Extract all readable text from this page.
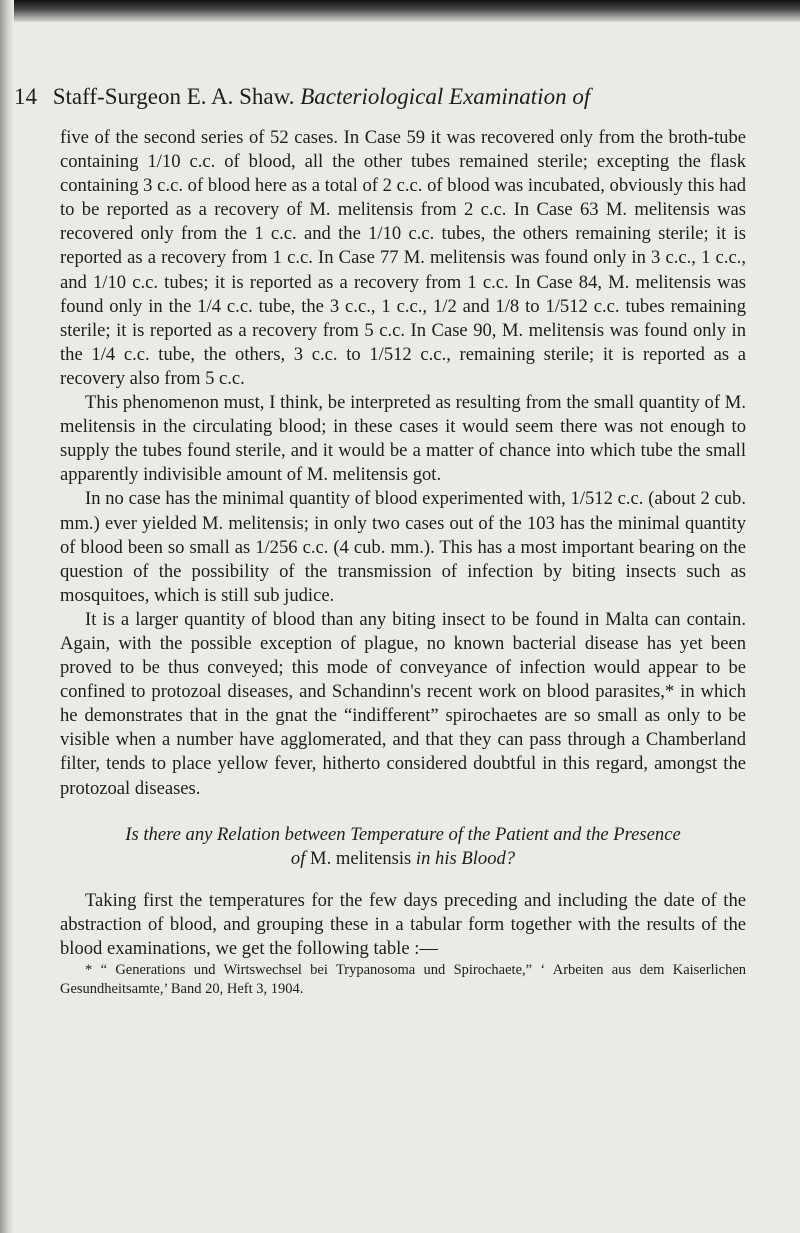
14 Staff-Surgeon E. A. Shaw. Bacteriological Examination of

five of the second series of 52 cases. In Case 59 it was recovered only from the broth-tube containing 1/10 c.c. of blood, all the other tubes remained sterile; excepting the flask containing 3 c.c. of blood here as a total of 2 c.c. of blood was incubated, obviously this had to be reported as a recovery of M. melitensis from 2 c.c. In Case 63 M. melitensis was recovered only from the 1 c.c. and the 1/10 c.c. tubes, the others remaining sterile; it is reported as a recovery from 1 c.c. In Case 77 M. melitensis was found only in 3 c.c., 1 c.c., and 1/10 c.c. tubes; it is reported as a recovery from 1 c.c. In Case 84, M. melitensis was found only in the 1/4 c.c. tube, the 3 c.c., 1 c.c., 1/2 and 1/8 to 1/512 c.c. tubes remaining sterile; it is reported as a recovery from 5 c.c. In Case 90, M. melitensis was found only in the 1/4 c.c. tube, the others, 3 c.c. to 1/512 c.c., remaining sterile; it is reported as a recovery also from 5 c.c.

This phenomenon must, I think, be interpreted as resulting from the small quantity of M. melitensis in the circulating blood; in these cases it would seem there was not enough to supply the tubes found sterile, and it would be a matter of chance into which tube the small apparently indivisible amount of M. melitensis got.

In no case has the minimal quantity of blood experimented with, 1/512 c.c. (about 2 cub. mm.) ever yielded M. melitensis; in only two cases out of the 103 has the minimal quantity of blood been so small as 1/256 c.c. (4 cub. mm.). This has a most important bearing on the question of the possibility of the transmission of infection by biting insects such as mosquitoes, which is still sub judice.

It is a larger quantity of blood than any biting insect to be found in Malta can contain. Again, with the possible exception of plague, no known bacterial disease has yet been proved to be thus conveyed; this mode of conveyance of infection would appear to be confined to protozoal diseases, and Schandinn's recent work on blood parasites,* in which he demonstrates that in the gnat the “indifferent” spirochaetes are so small as only to be visible when a number have agglomerated, and that they can pass through a Chamberland filter, tends to place yellow fever, hitherto considered doubtful in this regard, amongst the protozoal diseases.

Is there any Relation between Temperature of the Patient and the Presence
of M. melitensis in his Blood?

Taking first the temperatures for the few days preceding and including the date of the abstraction of blood, and grouping these in a tabular form together with the results of the blood examinations, we get the following table :—

* “ Generations und Wirtswechsel bei Trypanosoma und Spirochaete,” ‘ Arbeiten aus dem Kaiserlichen Gesundheitsamte,’ Band 20, Heft 3, 1904.
